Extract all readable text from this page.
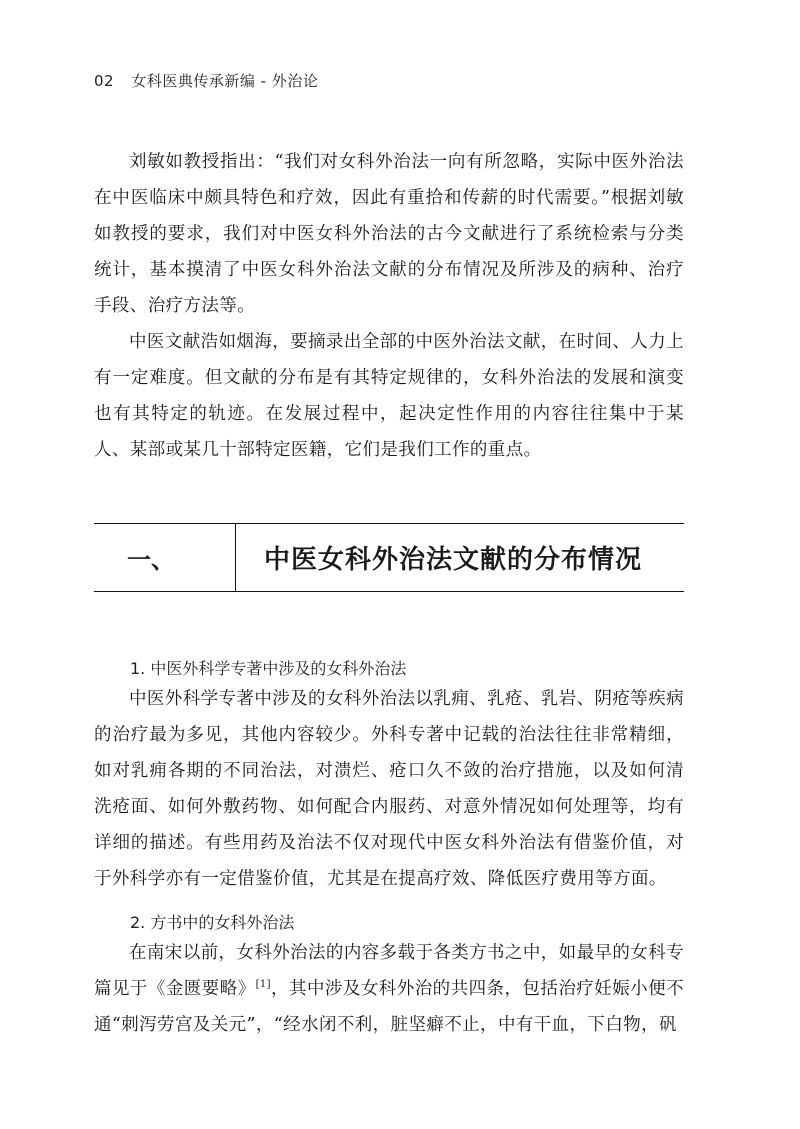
02 女科医典传承新编 - 外治论

刘敏如教授指出：“我们对女科外治法一向有所忽略，实际中医外治法在中医临床中颇具特色和疗效，因此有重拾和传薪的时代需要。”根据刘敏如教授的要求，我们对中医女科外治法的古今文献进行了系统检索与分类统计，基本摸清了中医女科外治法文献的分布情况及所涉及的病种、治疗手段、治疗方法等。

中医文献浩如烟海，要摘录出全部的中医外治法文献，在时间、人力上有一定难度。但文献的分布是有其特定规律的，女科外治法的发展和演变也有其特定的轨迹。在发展过程中，起决定性作用的内容往往集中于某人、某部或某几十部特定医籍，它们是我们工作的重点。

一、	中医女科外治法文献的分布情况
1. 中医外科学专著中涉及的女科外治法

中医外科学专著中涉及的女科外治法以乳痈、乳疮、乳岩、阴疮等疾病的治疗最为多见，其他内容较少。外科专著中记载的治法往往非常精细，如对乳痈各期的不同治法，对溃烂、疮口久不敛的治疗措施，以及如何清洗疮面、如何外敷药物、如何配合内服药、对意外情况如何处理等，均有详细的描述。有些用药及治法不仅对现代中医女科外治法有借鉴价值，对于外科学亦有一定借鉴价值，尤其是在提高疗效、降低医疗费用等方面。

2. 方书中的女科外治法

在南宋以前，女科外治法的内容多载于各类方书之中，如最早的女科专篇见于《金匮要略》[1]，其中涉及女科外治的共四条，包括治疗妊娠小便不通“刺泻劳宫及关元”，“经水闭不利，脏坚癖不止，中有干血，下白物，矾
